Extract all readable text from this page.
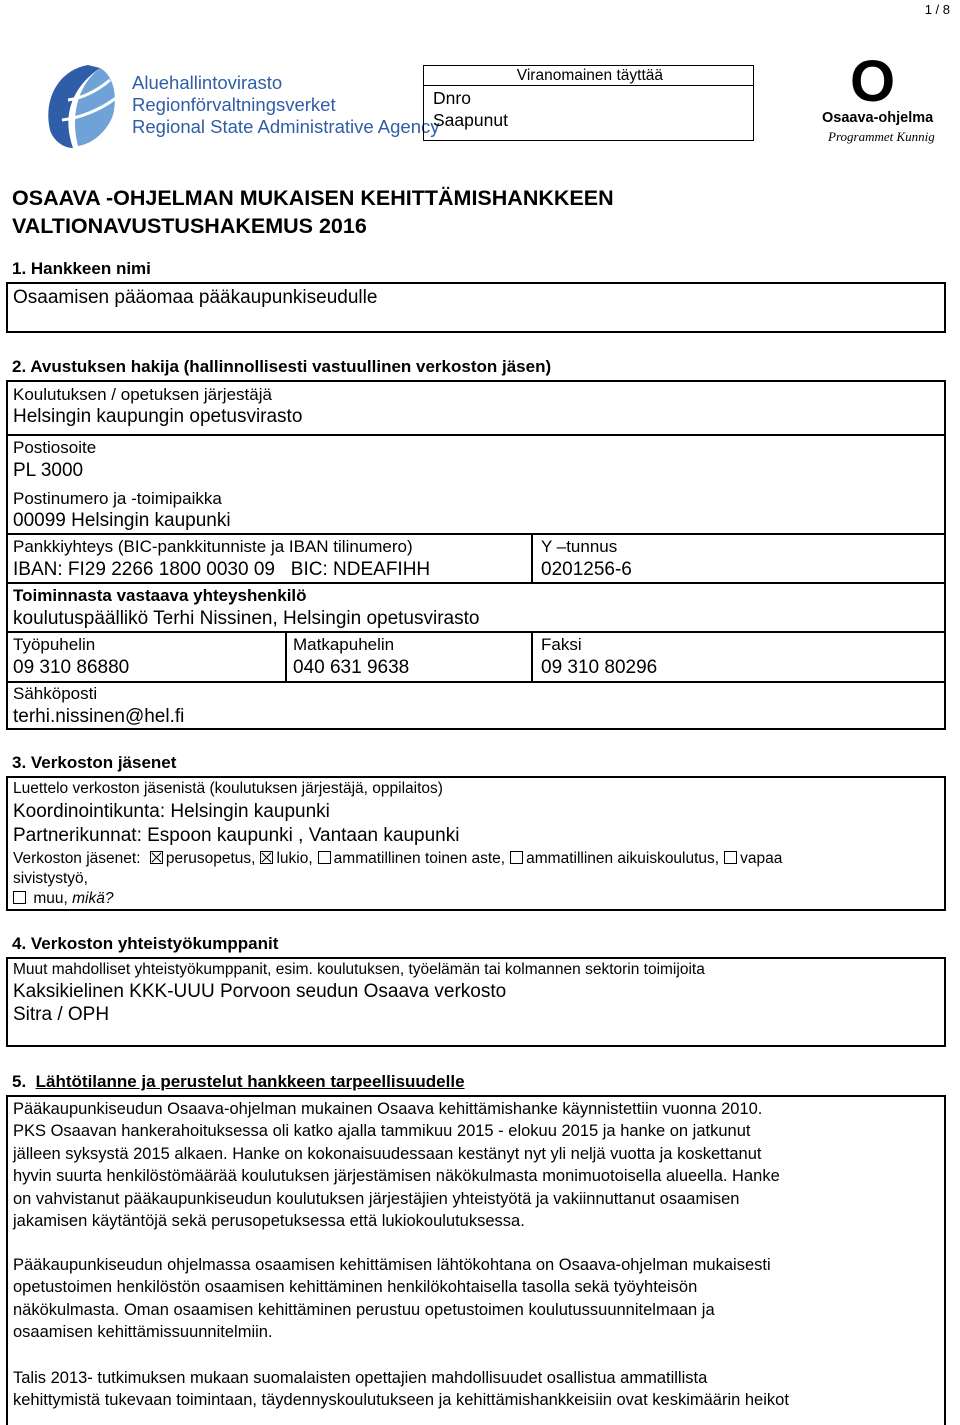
1 / 8
Aluehallintovirasto
Regionförvaltningsverket
Regional State Administrative Agency
Viranomainen täyttää
Dnro
Saapunut
O
Osaava-ohjelma
Programmet Kunnig
OSAAVA -OHJELMAN MUKAISEN KEHITTÄMISHANKKEEN
VALTIONAVUSTUSHAKEMUS 2016
1. Hankkeen nimi
Osaamisen pääomaa pääkaupunkiseudulle
2. Avustuksen hakija (hallinnollisesti vastuullinen verkoston jäsen)
Koulutuksen / opetuksen järjestäjä
Helsingin kaupungin opetusvirasto
Postiosoite
PL 3000
Postinumero ja -toimipaikka
00099 Helsingin kaupunki
Pankkiyhteys (BIC-pankkitunniste ja IBAN tilinumero)
IBAN: FI29 2266 1800 0030 09   BIC: NDEAFIHH
Y –tunnus
0201256-6
Toiminnasta vastaava yhteyshenkilö
koulutuspäällikö Terhi Nissinen, Helsingin opetusvirasto
Työpuhelin
09 310 86880
Matkapuhelin
040 631 9638
Faksi
09 310 80296
Sähköposti
terhi.nissinen@hel.fi
3. Verkoston jäsenet
Luettelo verkoston jäsenistä (koulutuksen järjestäjä, oppilaitos)
Koordinointikunta: Helsingin kaupunki
Partnerikunnat: Espoon kaupunki , Vantaan kaupunki
Verkoston jäsenet: perusopetus, lukio, ammatillinen toinen aste, ammatillinen aikuiskoulutus, vapaa
sivistystyö,
muu, mikä?
4. Verkoston yhteistyökumppanit
Muut mahdolliset yhteistyökumppanit, esim. koulutuksen, työelämän tai kolmannen sektorin toimijoita
Kaksikielinen KKK-UUU Porvoon seudun Osaava verkosto
Sitra / OPH
5. Lähtötilanne ja perustelut hankkeen tarpeellisuudelle
Pääkaupunkiseudun Osaava-ohjelman mukainen Osaava kehittämishanke käynnistettiin vuonna 2010.
PKS Osaavan hankerahoituksessa oli katko ajalla tammikuu 2015 - elokuu 2015 ja hanke on jatkunut
jälleen syksystä 2015 alkaen. Hanke on kokonaisuudessaan kestänyt nyt yli neljä vuotta ja koskettanut
hyvin suurta henkilöstömäärää koulutuksen järjestämisen näkökulmasta monimuotoisella alueella. Hanke
on vahvistanut pääkaupunkiseudun koulutuksen järjestäjien yhteistyötä ja vakiinnuttanut osaamisen
jakamisen käytäntöjä sekä perusopetuksessa että lukiokoulutuksessa.
Pääkaupunkiseudun ohjelmassa osaamisen kehittämisen lähtökohtana on Osaava-ohjelman mukaisesti
opetustoimen henkilöstön osaamisen kehittäminen henkilökohtaisella tasolla sekä työyhteisön
näkökulmasta. Oman osaamisen kehittäminen perustuu opetustoimen koulutussuunnitelmaan ja
osaamisen kehittämissuunnitelmiin.
Talis 2013- tutkimuksen mukaan suomalaisten opettajien mahdollisuudet osallistua ammatillista
kehittymistä tukevaan toimintaan, täydennyskoulutukseen ja kehittämishankkeisiin ovat keskimäärin heikot
